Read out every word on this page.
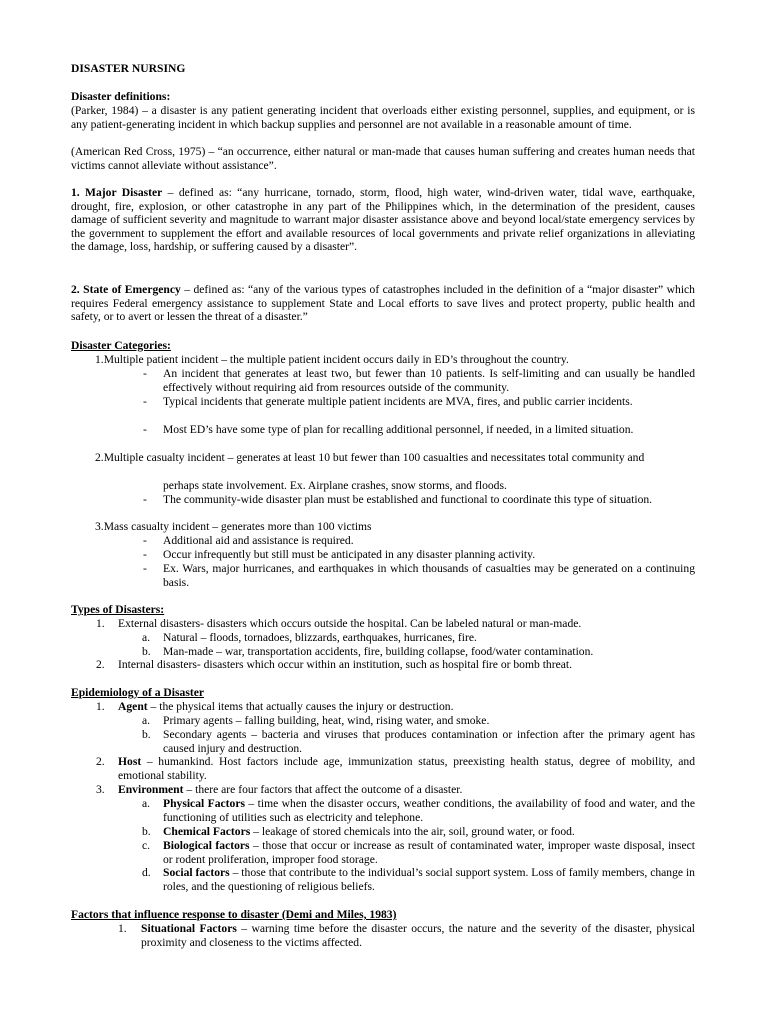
DISASTER NURSING

Disaster definitions:

(Parker, 1984) – a disaster is any patient generating incident that overloads either existing personnel, supplies, and equipment, or is any patient-generating incident in which backup supplies and personnel are not available in a reasonable amount of time.

(American Red Cross, 1975) – “an occurrence, either natural or man-made that causes human suffering and creates human needs that victims cannot alleviate without assistance”.

1. Major Disaster – defined as: “any hurricane, tornado, storm, flood, high water, wind-driven water, tidal wave, earthquake, drought, fire, explosion, or other catastrophe in any part of the Philippines which, in the determination of the president, causes damage of sufficient severity and magnitude to warrant major disaster assistance above and beyond local/state emergency services by the government to supplement the effort and available resources of local governments and private relief organizations in alleviating the damage, loss, hardship, or suffering caused by a disaster”.

2. State of Emergency – defined as: “any of the various types of catastrophes included in the definition of a “major disaster” which requires Federal emergency assistance to supplement State and Local efforts to save lives and protect property, public health and safety, or to avert or lessen the threat of a disaster.”

Disaster Categories:

1.Multiple patient incident – the multiple patient incident occurs daily in ED’s throughout the country.

- An incident that generates at least two, but fewer than 10 patients. Is self-limiting and can usually be handled effectively without requiring aid from resources outside of the community.

- Typical incidents that generate multiple patient incidents are MVA, fires, and public carrier incidents.

- Most ED’s have some type of plan for recalling additional personnel, if needed, in a limited situation.

2.Multiple casualty incident – generates at least 10 but fewer than 100 casualties and necessitates total community and

perhaps state involvement. Ex. Airplane crashes, snow storms, and floods.

- The community-wide disaster plan must be established and functional to coordinate this type of situation.

3.Mass casualty incident – generates more than 100 victims

- Additional aid and assistance is required.

- Occur infrequently but still must be anticipated in any disaster planning activity.

- Ex. Wars, major hurricanes, and earthquakes in which thousands of casualties may be generated on a continuing basis.

Types of Disasters:

1. External disasters- disasters which occurs outside the hospital. Can be labeled natural or man-made.

a. Natural – floods, tornadoes, blizzards, earthquakes, hurricanes, fire.

b. Man-made – war, transportation accidents, fire, building collapse, food/water contamination.

2. Internal disasters- disasters which occur within an institution, such as hospital fire or bomb threat.

Epidemiology of a Disaster

1. Agent – the physical items that actually causes the injury or destruction.

a. Primary agents – falling building, heat, wind, rising water, and smoke.

b. Secondary agents – bacteria and viruses that produces contamination or infection after the primary agent has caused injury and destruction.

2. Host – humankind. Host factors include age, immunization status, preexisting health status, degree of mobility, and emotional stability.

3. Environment – there are four factors that affect the outcome of a disaster.

a. Physical Factors – time when the disaster occurs, weather conditions, the availability of food and water, and the functioning of utilities such as electricity and telephone.

b. Chemical Factors – leakage of stored chemicals into the air, soil, ground water, or food.

c. Biological factors – those that occur or increase as result of contaminated water, improper waste disposal, insect or rodent proliferation, improper food storage.

d. Social factors – those that contribute to the individual’s social support system. Loss of family members, change in roles, and the questioning of religious beliefs.

Factors that influence response to disaster (Demi and Miles, 1983)

1. Situational Factors – warning time before the disaster occurs, the nature and the severity of the disaster, physical proximity and closeness to the victims affected.
